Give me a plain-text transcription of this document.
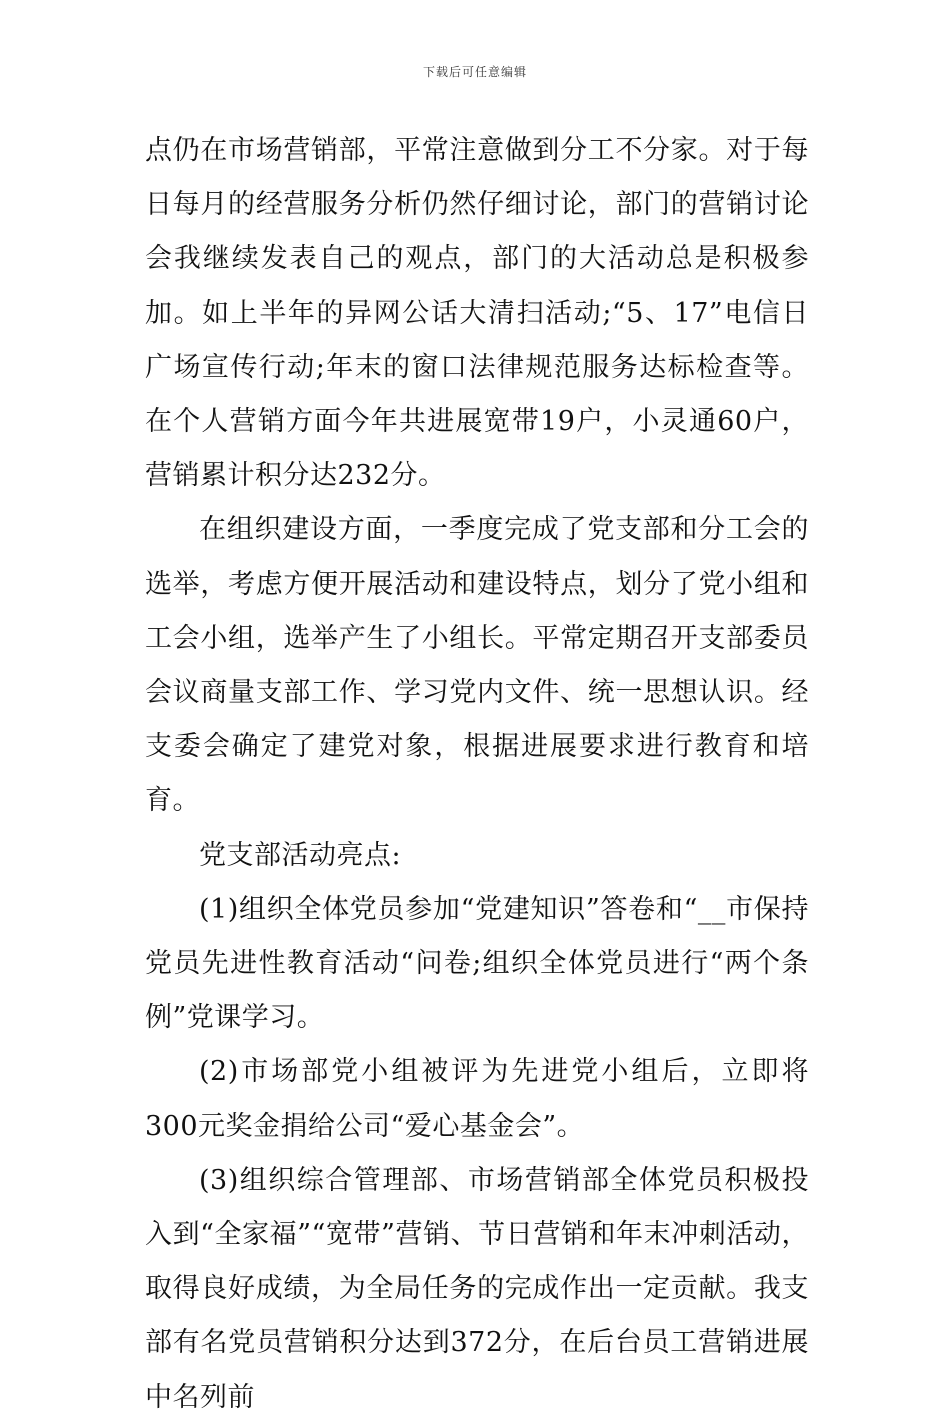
下载后可任意编辑

点仍在市场营销部，平常注意做到分工不分家。对于每日每月的经营服务分析仍然仔细讨论，部门的营销讨论会我继续发表自己的观点，部门的大活动总是积极参加。如上半年的异网公话大清扫活动;“5、17”电信日广场宣传行动;年末的窗口法律规范服务达标检查等。在个人营销方面今年共进展宽带19户，小灵通60户，营销累计积分达232分。

在组织建设方面，一季度完成了党支部和分工会的选举，考虑方便开展活动和建设特点，划分了党小组和工会小组，选举产生了小组长。平常定期召开支部委员会议商量支部工作、学习党内文件、统一思想认识。经支委会确定了建党对象，根据进展要求进行教育和培育。

党支部活动亮点:

(1)组织全体党员参加“党建知识”答卷和“__市保持党员先进性教育活动“问卷;组织全体党员进行“两个条例”党课学习。

(2)市场部党小组被评为先进党小组后，立即将300元奖金捐给公司“爱心基金会”。

(3)组织综合管理部、市场营销部全体党员积极投入到“全家福”“宽带”营销、节日营销和年末冲刺活动，取得良好成绩，为全局任务的完成作出一定贡献。我支部有名党员营销积分达到372分，在后台员工营销进展中名列前
